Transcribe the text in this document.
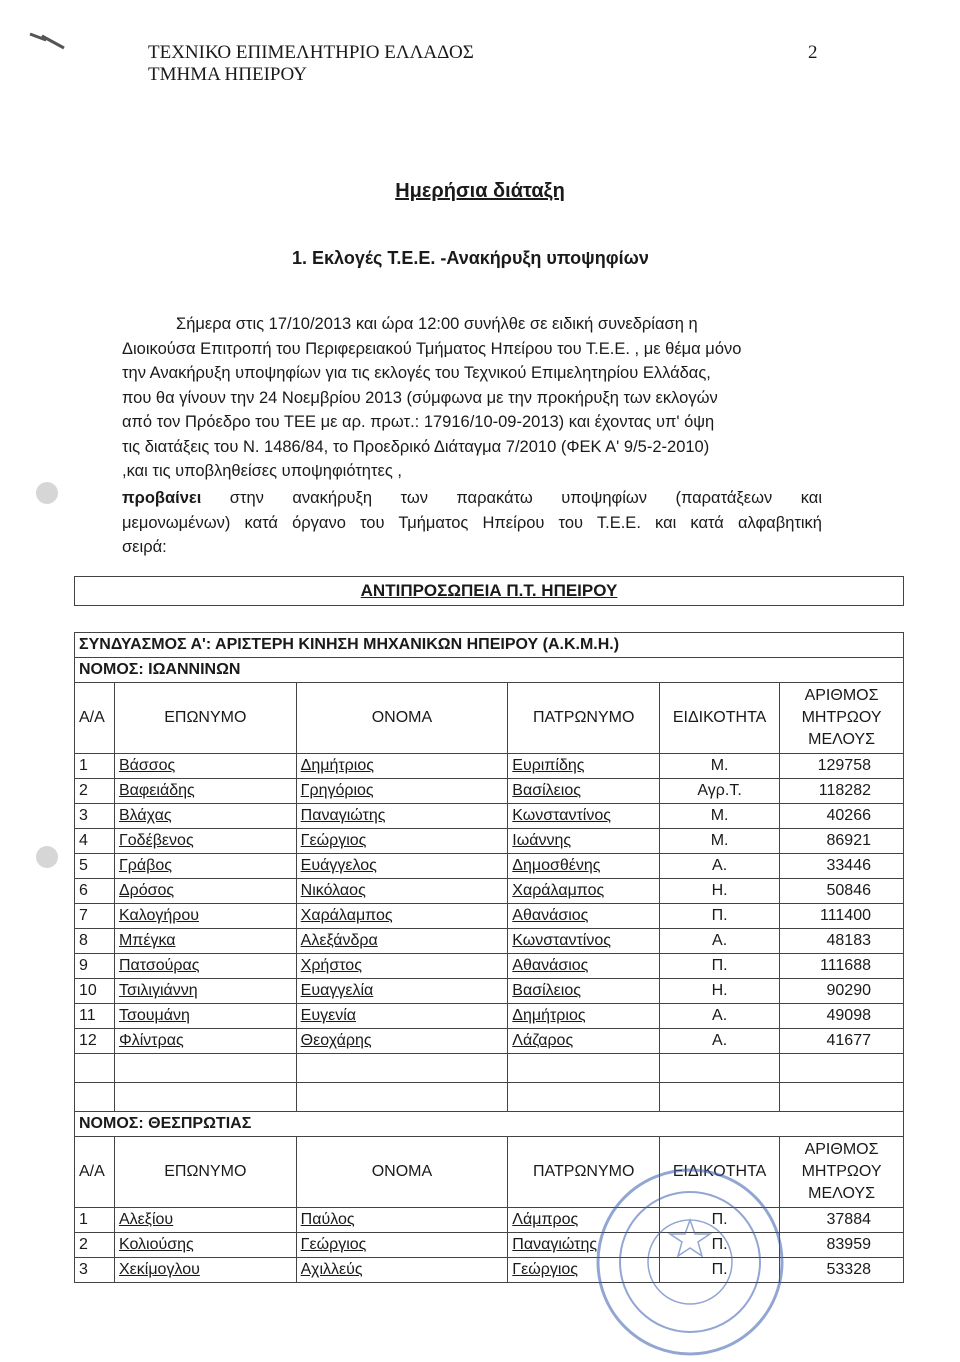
ΤΕΧΝΙΚΟ ΕΠΙΜΕΛΗΤΗΡΙΟ ΕΛΛΑΔΟΣ
ΤΜΗΜΑ ΗΠΕΙΡΟΥ
2
Ημερήσια διάταξη
1. Εκλογές Τ.Ε.Ε. -Ανακήρυξη υποψηφίων
Σήμερα στις 17/10/2013 και ώρα 12:00 συνήλθε σε ειδική συνεδρίαση η
Διοικούσα Επιτροπή του Περιφερειακού Τμήματος Ηπείρου του Τ.Ε.Ε. , με θέμα μόνο
την Ανακήρυξη υποψηφίων για τις εκλογές του Τεχνικού Επιμελητηρίου Ελλάδας,
που θα γίνουν την 24 Νοεμβρίου 2013 (σύμφωνα με την προκήρυξη των εκλογών
από τον Πρόεδρο του ΤΕΕ με αρ. πρωτ.: 17916/10-09-2013) και έχοντας υπ' όψη
τις διατάξεις του Ν. 1486/84, το Προεδρικό Διάταγμα 7/2010 (ΦΕΚ Α' 9/5-2-2010)
,και τις υποβληθείσες υποψηφιότητες ,
προβαίνει στην ανακήρυξη των παρακάτω υποψηφίων (παρατάξεων και
μεμονωμένων) κατά όργανο του Τμήματος Ηπείρου του Τ.Ε.Ε. και κατά αλφαβητική
σειρά:
ΑΝΤΙΠΡΟΣΩΠΕΙΑ Π.Τ. ΗΠΕΙΡΟΥ
ΣΥΝΔΥΑΣΜΟΣ Α': ΑΡΙΣΤΕΡΗ ΚΙΝΗΣΗ ΜΗΧΑΝΙΚΩΝ ΗΠΕΙΡΟΥ (Α.Κ.Μ.Η.)					
ΝΟΜΟΣ: ΙΩΑΝΝΙΝΩΝ					
Α/Α	ΕΠΩΝΥΜΟ	ΟΝΟΜΑ	ΠΑΤΡΩΝΥΜΟ	ΕΙΔΙΚΟΤΗΤΑ	ΑΡΙΘΜΟΣ
ΜΗΤΡΩΟΥ
ΜΕΛΟΥΣ

1	Βάσσος	Δημήτριος	Ευριπίδης	Μ.	129758
2	Βαφειάδης	Γρηγόριος	Βασίλειος	Αγρ.Τ.	118282
3	Βλάχας	Παναγιώτης	Κωνσταντίνος	Μ.	40266
4	Γοδέβενος	Γεώργιος	Ιωάννης	Μ.	86921
5	Γράβος	Ευάγγελος	Δημοσθένης	Α.	33446
6	Δρόσος	Νικόλαος	Χαράλαμπος	Η.	50846
7	Καλογήρου	Χαράλαμπος	Αθανάσιος	Π.	111400
8	Μπέγκα	Αλεξάνδρα	Κωνσταντίνος	Α.	48183
9	Πατσούρας	Χρήστος	Αθανάσιος	Π.	111688
10	Τσιλιγιάννη	Ευαγγελία	Βασίλειος	Η.	90290
11	Τσουμάνη	Ευγενία	Δημήτριος	Α.	49098
12	Φλίντρας	Θεοχάρης	Λάζαρος	Α.	41677

ΝΟΜΟΣ: ΘΕΣΠΡΩΤΙΑΣ					
Α/Α	ΕΠΩΝΥΜΟ	ΟΝΟΜΑ	ΠΑΤΡΩΝΥΜΟ	ΕΙΔΙΚΟΤΗΤΑ	ΑΡΙΘΜΟΣ
ΜΗΤΡΩΟΥ
ΜΕΛΟΥΣ

1	Αλεξίου	Παύλος	Λάμπρος	Π.	37884
2	Κολιούσης	Γεώργιος	Παναγιώτης	Π.	83959
3	Χεκίμογλου	Αχιλλεύς	Γεώργιος	Π.	53328
